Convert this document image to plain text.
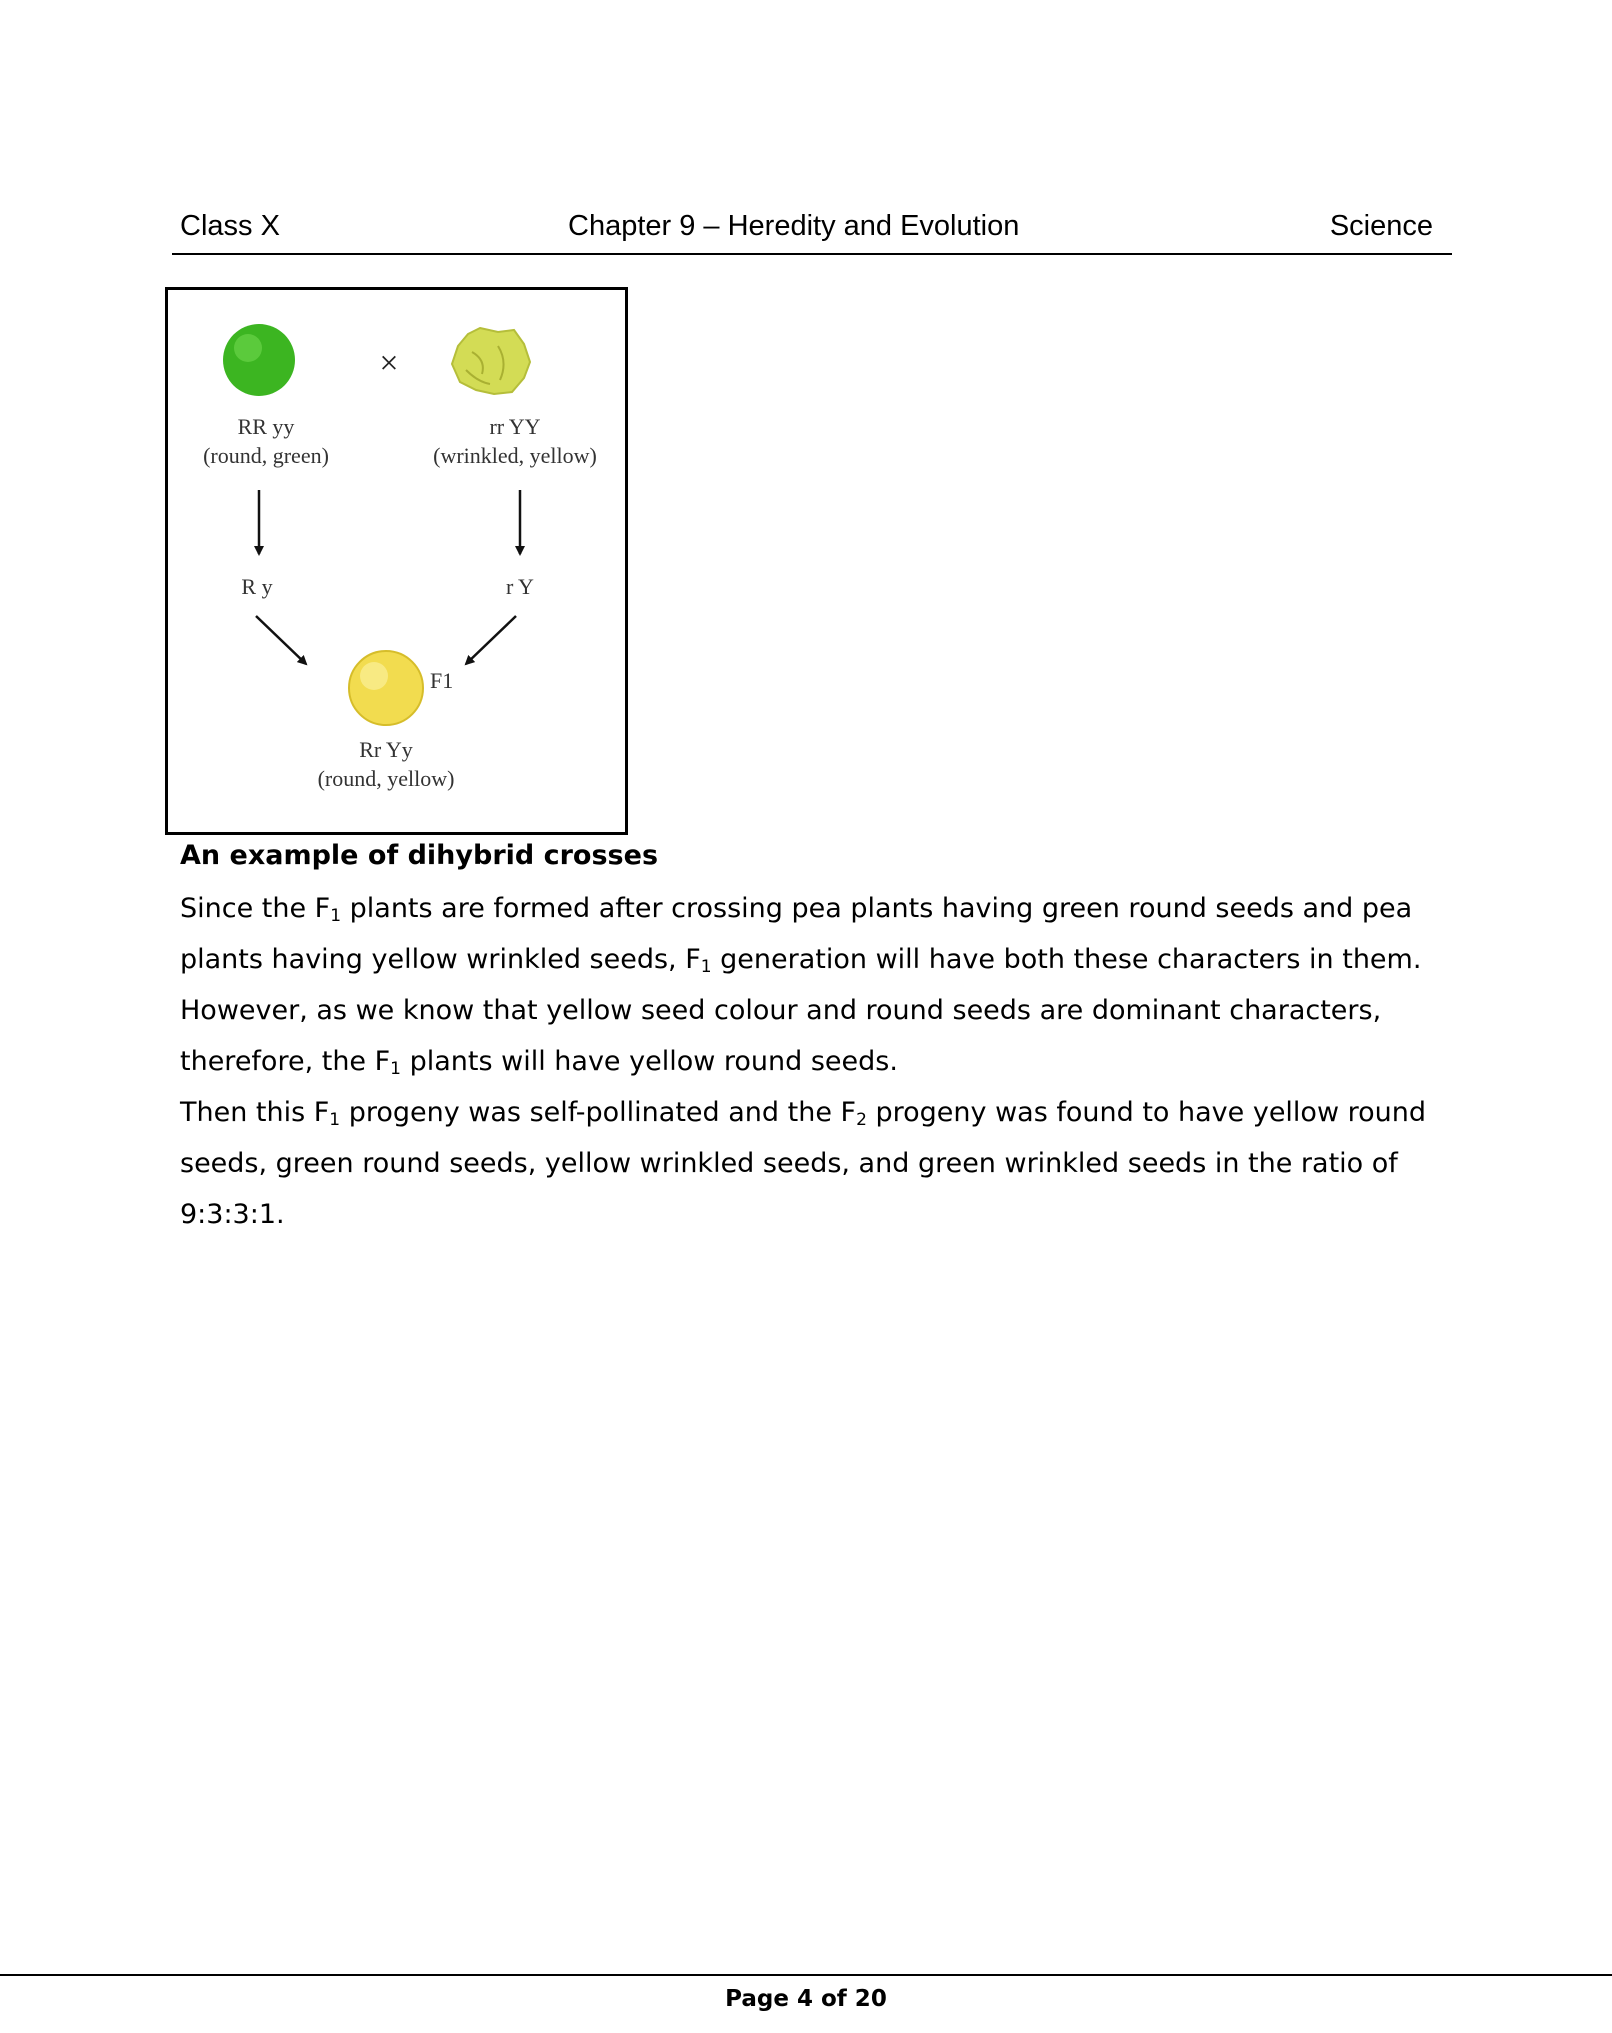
Class X	Chapter 9 – Heredity and Evolution	Science
×
RR yy
(round, green)
rr YY
(wrinkled, yellow)
R y	r Y
F1
Rr Yy
(round, yellow)
An example of dihybrid crosses

Since the $F_1$ plants are formed after crossing pea plants having green round seeds and pea plants having yellow wrinkled seeds, $F_1$ generation will have both these characters in them. However, as we know that yellow seed colour and round seeds are dominant characters, therefore, the $F_1$ plants will have yellow round seeds.

Then this $F_1$ progeny was self-pollinated and the $F_2$ progeny was found to have yellow round seeds, green round seeds, yellow wrinkled seeds, and green wrinkled seeds in the ratio of 9:3:3:1.

Page 4 of 20
